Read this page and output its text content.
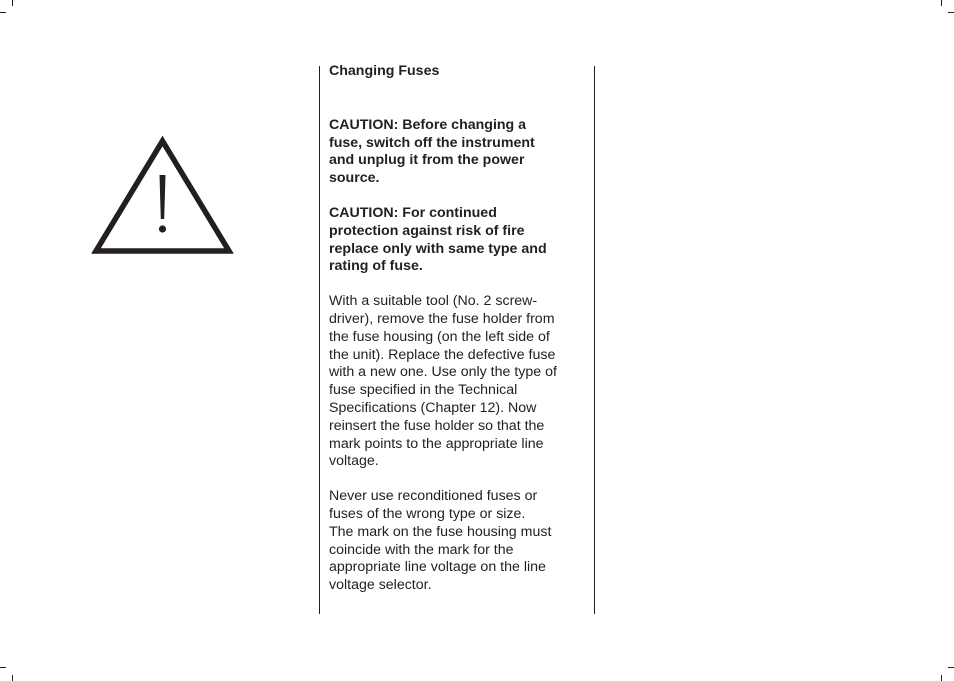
Changing Fuses

CAUTION: Before changing a
fuse, switch off the instrument
and unplug it from the power
source.

CAUTION: For continued
protection against risk of fire
replace only with same type and
rating of fuse.

With a suitable tool (No. 2 screw-
driver), remove the fuse holder from
the fuse housing (on the left side of
the unit). Replace the defective fuse
with a new one. Use only the type of
fuse specified in the Technical
Specifications (Chapter 12). Now
reinsert the fuse holder so that the
mark points to the appropriate line
voltage.

Never use reconditioned fuses or
fuses of the wrong type or size.
The mark on the fuse housing must
coincide with the mark for the
appropriate line voltage on the line
voltage selector.
